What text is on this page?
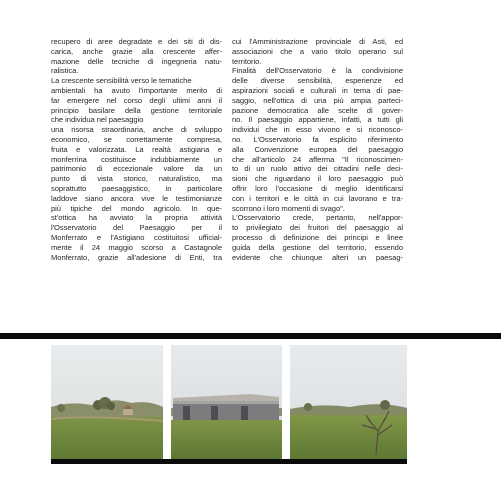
recupero di aree degradate e dei siti di dis-
carica, anche grazie alla crescente affer-
mazione delle tecniche di ingegneria natu-
ralistica.
La crescente sensibilità verso le tematiche
ambientali ha avuto l'importante merito di
far emergere nel corso degli ultimi anni il
principio basilare della gestione territoriale
che individua nel paesaggio
una risorsa straordinaria, anche di sviluppo
economico, se correttamente compresa,
fruita e valorizzata. La realtà astigiana e
monferrina costituisce indubbiamente un
patrimonio di eccezionale valore da un
punto di vista storico, naturalistico, ma
soprattutto paesaggistico, in particolare
laddove siano ancora vive le testimonianze
più tipiche del mondo agricolo. In que-
st'ottica ha avviato la propria attività
l'Osservatorio del Paesaggio per il
Monferrato e l'Astigiano costituitosi ufficial-
mente il 24 maggio scorso a Castagnole
Monferrato, grazie all'adesione di Enti, tra
cui l'Amministrazione provinciale di Asti, ed
associazioni che a vario titolo operano sul
territorio.
Finalità dell'Osservatorio è la condivisione
delle diverse sensibilità, esperienze ed
aspirazioni sociali e culturali in tema di pae-
saggio, nell'ottica di una più ampia parteci-
pazione democratica alle scelte di gover-
no. Il paesaggio appartiene, infatti, a tutti gli
individui che in esso vivono e si riconosco-
no. L'Osservatorio fa esplicito riferimento
alla Convenzione europea del paesaggio
che all'articolo 24 afferma "Il riconoscimen-
to di un ruolo attivo dei cittadini nelle deci-
sioni che riguardano il loro paesaggio può
offrir loro l'occasione di meglio identificarsi
con i territori e le città in cui lavorano e tra-
scorrono i loro momenti di svago".
L'Osservatorio crede, pertanto, nell'appor-
to privilegiato dei fruitori del paesaggio al
processo di definizione dei principi e linee
guida della gestione del territorio, essendo
evidente che chiunque alteri un paesag-
